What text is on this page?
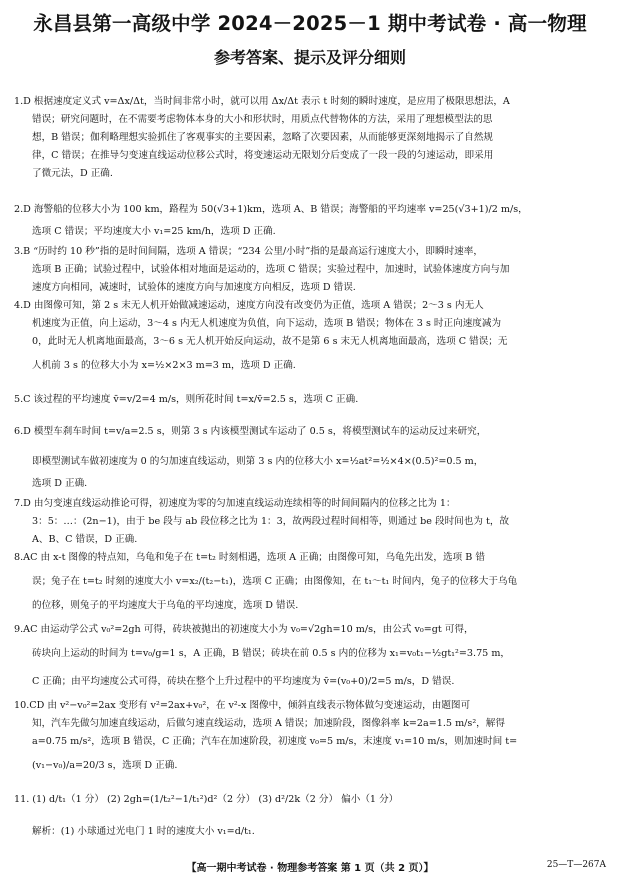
永昌县第一高级中学 2024－2025－1 期中考试卷 · 高一物理
参考答案、提示及评分细则
1.D 根据速度定义式 v=Δx/Δt，当时间非常小时，就可以用 Δx/Δt 表示 t 时刻的瞬时速度，是应用了极限思想法，A
错误；研究问题时，在不需要考虑物体本身的大小和形状时，用质点代替物体的方法，采用了理想模型法的思
想，B 错误；伽利略理想实验抓住了客观事实的主要因素，忽略了次要因素，从而能够更深刻地揭示了自然规
律，C 错误；在推导匀变速直线运动位移公式时，将变速运动无限划分后变成了一段一段的匀速运动，即采用
了微元法，D 正确.
2.D 海警船的位移大小为 100 km，路程为 50(√3+1)km，选项 A、B 错误；海警船的平均速率 v=25(√3+1)/2 m/s，
选项 C 错误；平均速度大小 v₁=25 km/h，选项 D 正确.
3.B “历时约 10 秒”指的是时间间隔，选项 A 错误；“234 公里/小时”指的是最高运行速度大小，即瞬时速率，
选项 B 正确；试验过程中，试验体相对地面是运动的，选项 C 错误；实验过程中，加速时，试验体速度方向与加
速度方向相同，减速时，试验体的速度方向与加速度方向相反，选项 D 错误.
4.D 由图像可知，第 2 s 末无人机开始做减速运动，速度方向没有改变仍为正值，选项 A 错误；2～3 s 内无人
机速度为正值，向上运动，3～4 s 内无人机速度为负值，向下运动，选项 B 错误；物体在 3 s 时正向速度减为
0，此时无人机离地面最高，3～6 s 无人机开始反向运动，故不是第 6 s 末无人机离地面最高，选项 C 错误；无
人机前 3 s 的位移大小为 x=½×2×3 m=3 m，选项 D 正确.
5.C 该过程的平均速度 v̄=v/2=4 m/s，则所花时间 t=x/v̄=2.5 s，选项 C 正确.
6.D 模型车刹车时间 t=v/a=2.5 s，则第 3 s 内该模型测试车运动了 0.5 s，将模型测试车的运动反过来研究，
即模型测试车做初速度为 0 的匀加速直线运动，则第 3 s 内的位移大小 x=½at²=½×4×(0.5)²=0.5 m，
选项 D 正确.
7.D 由匀变速直线运动推论可得，初速度为零的匀加速直线运动连续相等的时间间隔内的位移之比为 1：
3：5：…：(2n−1)，由于 be 段与 ab 段位移之比为 1：3，故两段过程时间相等，则通过 be 段时间也为 t，故
A、B、C 错误，D 正确.
8.AC 由 x-t 图像的特点知，乌龟和兔子在 t=t₂ 时刻相遇，选项 A 正确；由图像可知，乌龟先出发，选项 B 错
误；兔子在 t=t₂ 时刻的速度大小 v=x₂/(t₂−t₁)，选项 C 正确；由图像知，在 t₁～t₁ 时间内，兔子的位移大于乌龟
的位移，则兔子的平均速度大于乌龟的平均速度，选项 D 错误.
9.AC 由运动学公式 v₀²=2gh 可得，砖块被抛出的初速度大小为 v₀=√2gh=10 m/s，由公式 v₀=gt 可得，
砖块向上运动的时间为 t=v₀/g=1 s，A 正确，B 错误；砖块在前 0.5 s 内的位移为 x₁=v₀t₁−½gt₁²=3.75 m，
C 正确；由平均速度公式可得，砖块在整个上升过程中的平均速度为 v̄=(v₀+0)/2=5 m/s，D 错误.
10.CD 由 v²−v₀²=2ax 变形有 v²=2ax+v₀²，在 v²-x 图像中，倾斜直线表示物体做匀变速运动，由题图可
知，汽车先做匀加速直线运动，后做匀速直线运动，选项 A 错误；加速阶段，图像斜率 k=2a=1.5 m/s²，解得
a=0.75 m/s²，选项 B 错误，C 正确；汽车在加速阶段，初速度 v₀=5 m/s，末速度 v₁=10 m/s，则加速时间 t=
(v₁−v₀)/a=20/3 s，选项 D 正确.
11. (1) d/t₁（1 分） (2) 2gh=(1/t₂²−1/t₁²)d²（2 分） (3) d²/2k（2 分） 偏小（1 分）
解析：(1) 小球通过光电门 1 时的速度大小 v₁=d/t₁.
【高一期中考试卷 · 物理参考答案 第 1 页（共 2 页）】	25—T—267A
